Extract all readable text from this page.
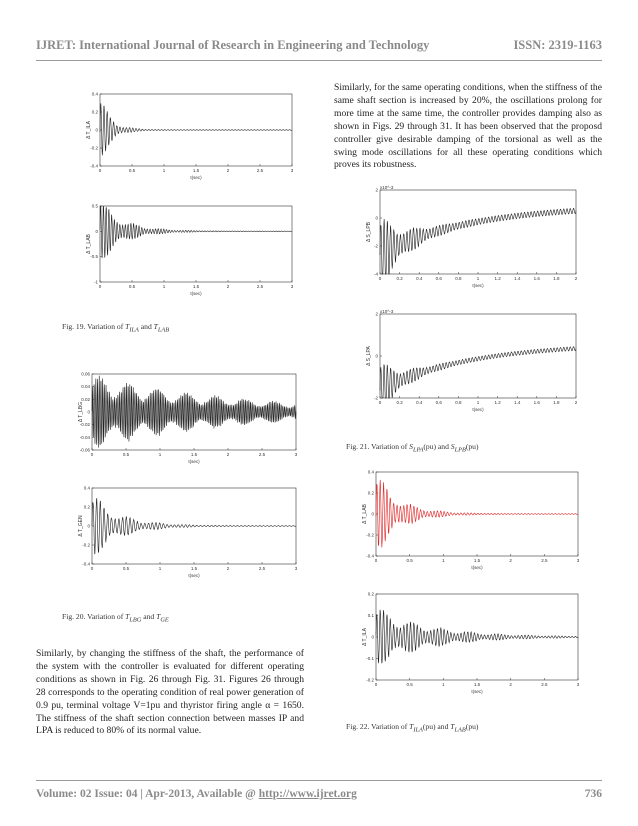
IJRET: International Journal of Research in Engineering and Technology	ISSN: 2319-1163
0	0.5	1	1.5	2	2.5	3
0.4
0.2
0
-0.2
-0.4
t(sec)
Δ T_ILA
0	0.5	1	1.5	2	2.5	3
0.5
0
-0.5
-1
t(sec)
Δ T_LAB
Fig. 19. Variation of $T_{ILA}$ and $T_{LAB}$
0	0.5	1	1.5	2	2.5	3
0.06
0.04
0.02
0
-0.02
-0.04
-0.06
t(sec)
Δ T_LBG
0	0.5	1	1.5	2	2.5	3
0.4
0.2
0
-0.2
-0.4
t(sec)
Δ T_GEN
Fig. 20. Variation of $T_{LBG}$ and $T_{GE}$
Similarly, by changing the stiffness of the shaft, the performance of the system with the controller is evaluated for different operating conditions as shown in Fig. 26 through Fig. 31. Figures 26 through 28 corresponds to the operating condition of real power generation of 0.9 pu, terminal voltage V=1pu and thyristor firing angle α = 1650. The stiffness of the shaft section connection between masses IP and LPA is reduced to 80% of its normal value.
Similarly, for the same operating conditions, when the stiffness of the same shaft section is increased by 20%, the oscillations prolong for more time at the same time, the controller provides damping also as shown in Figs. 29 through 31. It has been observed that the proposd controller give desirable damping of the torsional as well as the swing mode oscillations for all these operating conditions which proves its robustness.
0	0.2	0.4	0.6	0.8	1	1.2	1.4	1.6	1.8	2
2
0
-2
-4
t(sec)
Δ S_LPB
x10^-3
0	0.2	0.4	0.6	0.8	1	1.2	1.4	1.6	1.8	2
2
0
-2
t(sec)
Δ S_LPA
x10^-3
Fig. 21. Variation of $S_{LPA}(pu)$ and $S_{LPB}(pu)$
0	0.5	1	1.5	2	2.5	3
0.4
0.2
0
-0.2
-0.4
t(sec)
Δ T_LAB
0	0.5	1	1.5	2	2.5	3
0.2
0.1
0
-0.1
-0.2
t(sec)
Δ T_ILA
Fig. 22. Variation of $T_{ILA}(pu)$ and $T_{LAB}(pu)$
Volume: 02 Issue: 04 | Apr-2013, Available @ http://www.ijret.org	736
